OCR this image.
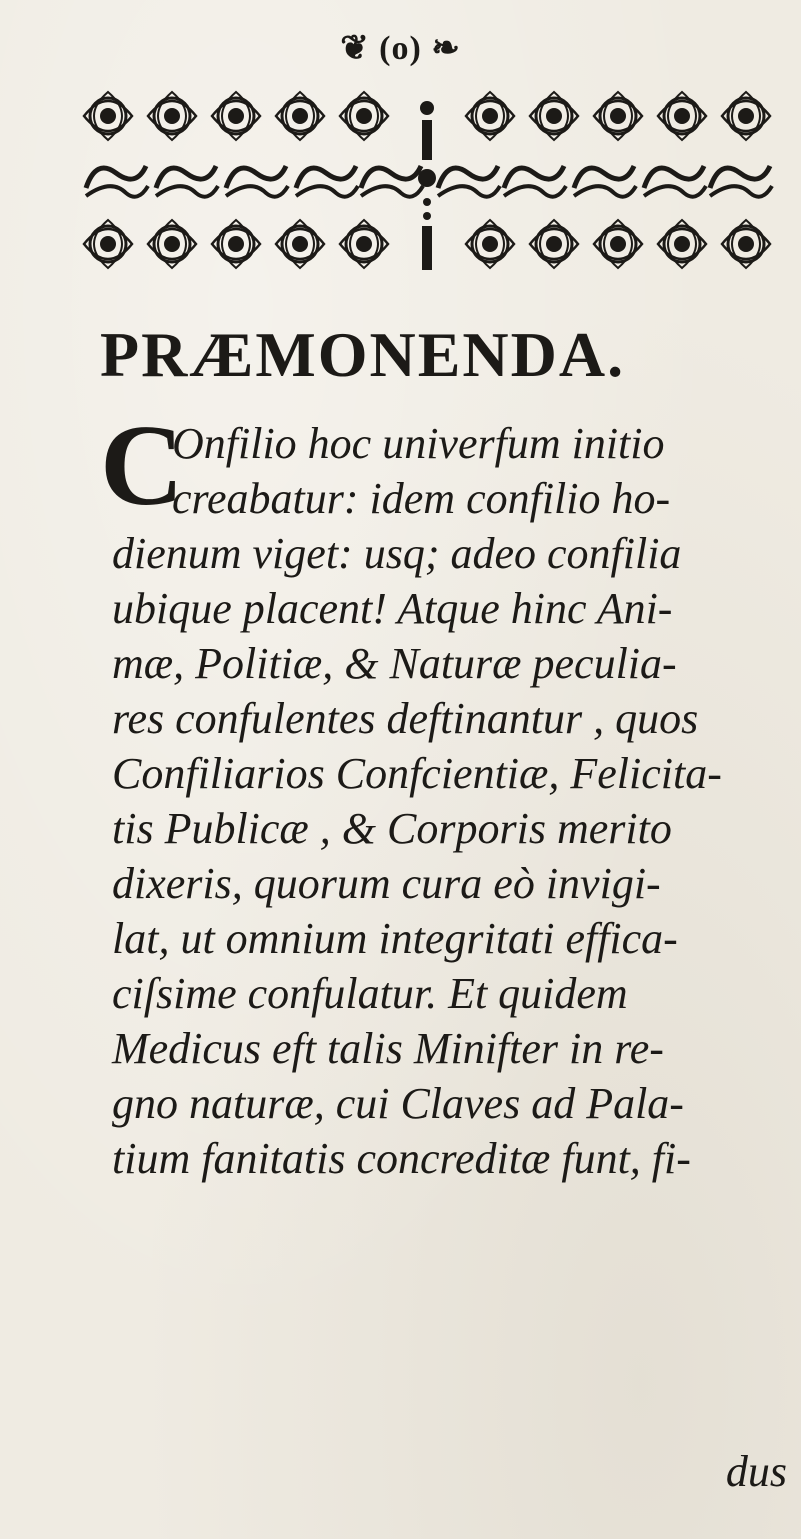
❦ (o) ❧
PRÆMONENDA.
C
Onfilio hoc univerfum initio
creabatur: idem confilio ho-
dienum viget: usq; adeo confilia
ubique placent! Atque hinc Ani-
mæ, Politiæ, & Naturæ peculia-
res confulentes deftinantur , quos
Confiliarios Confcientiæ, Felicita-
tis Publicæ , & Corporis merito
dixeris, quorum cura eò invigi-
lat, ut omnium integritati effica-
ciſsime confulatur. Et quidem
Medicus eft talis Minifter in re-
gno naturæ, cui Claves ad Pala-
tium fanitatis concreditæ funt, fi-
dus
